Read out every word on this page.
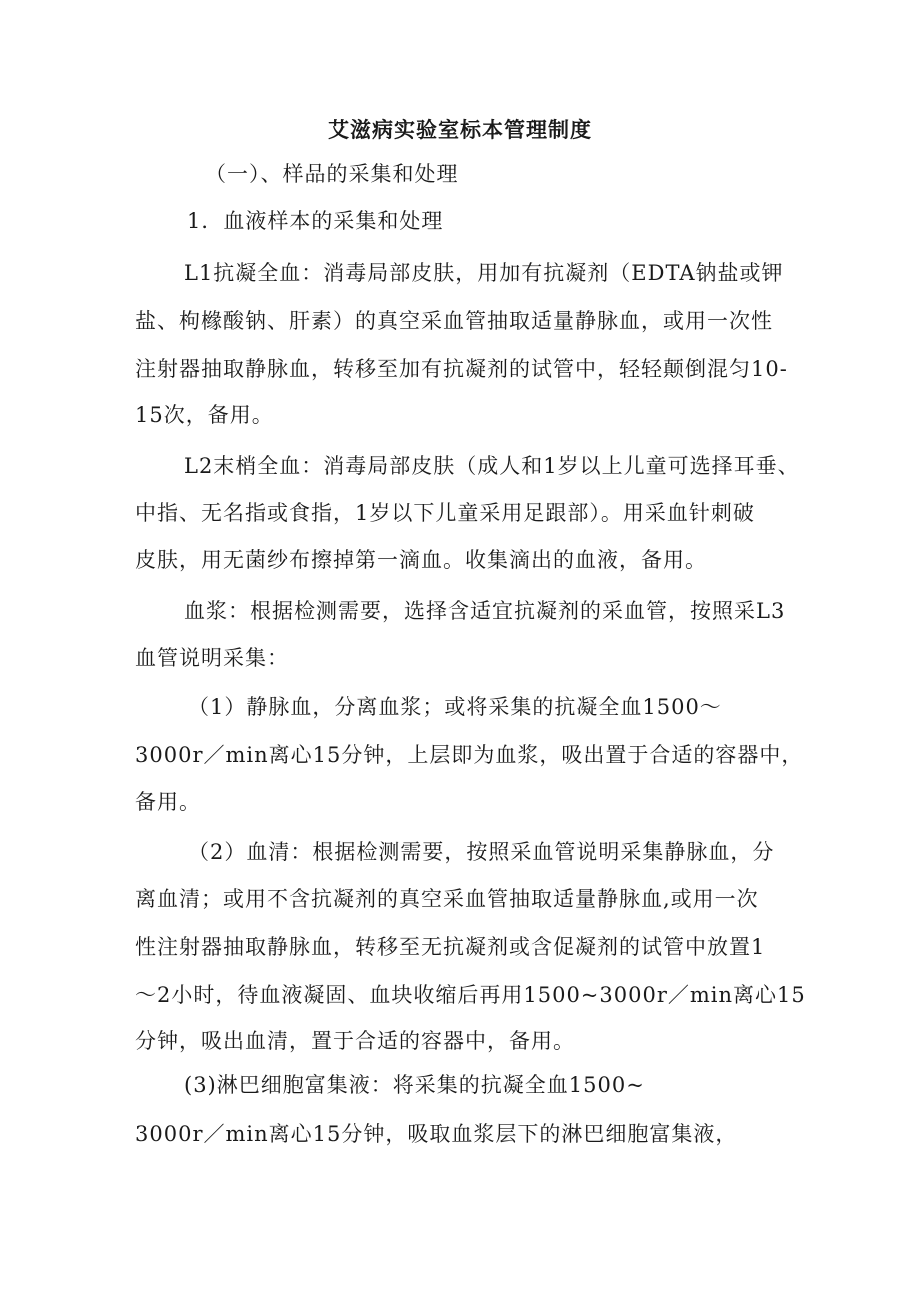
艾滋病实验室标本管理制度
（一）、样品的采集和处理
1．血液样本的采集和处理
L1抗凝全血：消毒局部皮肤，用加有抗凝剂（EDTA钠盐或钾
盐、枸橼酸钠、肝素）的真空采血管抽取适量静脉血，或用一次性
注射器抽取静脉血，转移至加有抗凝剂的试管中，轻轻颠倒混匀10-
15次，备用。
L2末梢全血：消毒局部皮肤（成人和1岁以上儿童可选择耳垂、
中指、无名指或食指，1岁以下儿童采用足跟部）。用采血针刺破
皮肤，用无菌纱布擦掉第一滴血。收集滴出的血液，备用。
血浆：根据检测需要，选择含适宜抗凝剂的采血管，按照采L3
血管说明采集：
（1）静脉血，分离血浆；或将采集的抗凝全血1500～
3000r／min离心15分钟，上层即为血浆，吸出置于合适的容器中，
备用。
（2）血清：根据检测需要，按照采血管说明采集静脉血，分
离血清；或用不含抗凝剂的真空采血管抽取适量静脉血,或用一次
性注射器抽取静脉血，转移至无抗凝剂或含促凝剂的试管中放置1
～2小时，待血液凝固、血块收缩后再用1500~3000r／min离心15
分钟，吸出血清，置于合适的容器中，备用。
(3)淋巴细胞富集液：将采集的抗凝全血1500~
3000r／min离心15分钟，吸取血浆层下的淋巴细胞富集液，
